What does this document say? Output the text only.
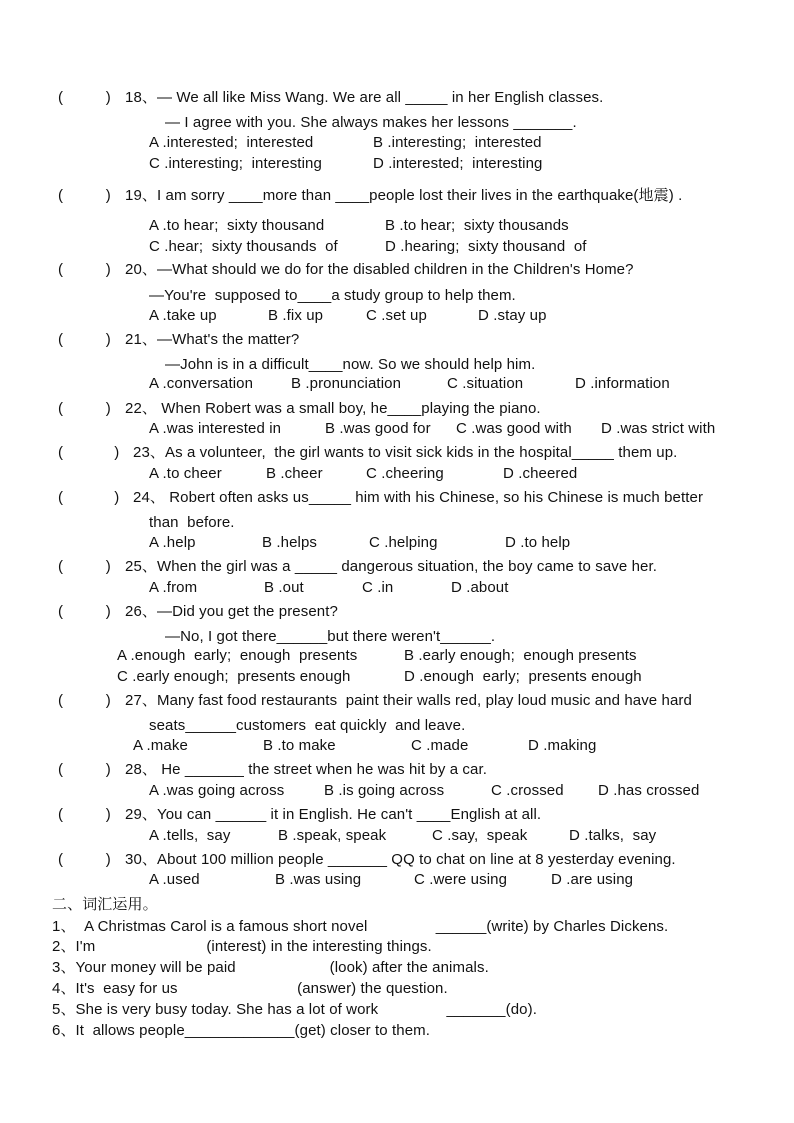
(          ) 18、— We all like Miss Wang. We are all _____ in her English classes.
— I agree with you. She always makes her lessons _______.
A .interested;  interested	B .interesting;  interested
C .interesting;  interesting	D .interested;  interesting
(          ) 19、I am sorry ____more than ____people lost their lives in the earthquake(地震) .
A .to hear;  sixty thousand	B .to hear;  sixty thousands
C .hear;  sixty thousands  of	D .hearing;  sixty thousand  of
(          ) 20、—What should we do for the disabled children in the Children's Home?
—You're  supposed to____a study group to help them.
A .take up	B .fix up	C .set up	D .stay up
(          ) 21、—What's the matter?
—John is in a difficult____now. So we should help him.
A .conversation	B .pronunciation	C .situation	D .information
(          ) 22、 When Robert was a small boy, he____playing the piano.
A .was interested in	B .was good for C .was good with D .was strict with
(            ) 23、As a volunteer,  the girl wants to visit sick kids in the hospital_____ them up.
A .to cheer	B .cheer	C .cheering	D .cheered
(            ) 24、 Robert often asks us_____ him with his Chinese, so his Chinese is much better
than  before.
A .help	B .helps	C .helping	D .to help
(          ) 25、When the girl was a _____ dangerous situation, the boy came to save her.
A .from	B .out	C .in	D .about
(          ) 26、—Did you get the present?
—No, I got there______but there weren't______.
A .enough  early;  enough  presents	B .early enough;  enough presents
C .early enough;  presents enough	D .enough  early;  presents enough
(          ) 27、Many fast food restaurants  paint their walls red, play loud music and have hard
seats______customers  eat quickly  and leave.
A .make	B .to make	C .made	D .making
(          ) 28、 He _______ the street when he was hit by a car.
A .was going across	B .is going across	C .crossed D .has crossed
(          ) 29、You can ______ it in English. He can't ____English at all.
A .tells,  say	B .speak, speak	C .say,  speak	D .talks,  say
(          ) 30、About 100 million people _______ QQ to chat on line at 8 yesterday evening.
A .used	B .was using	C .were using	D .are using
二、词汇运用。
1、  A Christmas Carol is a famous short novel                ______(write) by Charles Dickens.
2、I'm                          (interest) in the interesting things.
3、Your money will be paid                      (look) after the animals.
4、It's  easy for us                            (answer) the question.
5、She is very busy today. She has a lot of work                _______(do).
6、It  allows people_____________(get) closer to them.
